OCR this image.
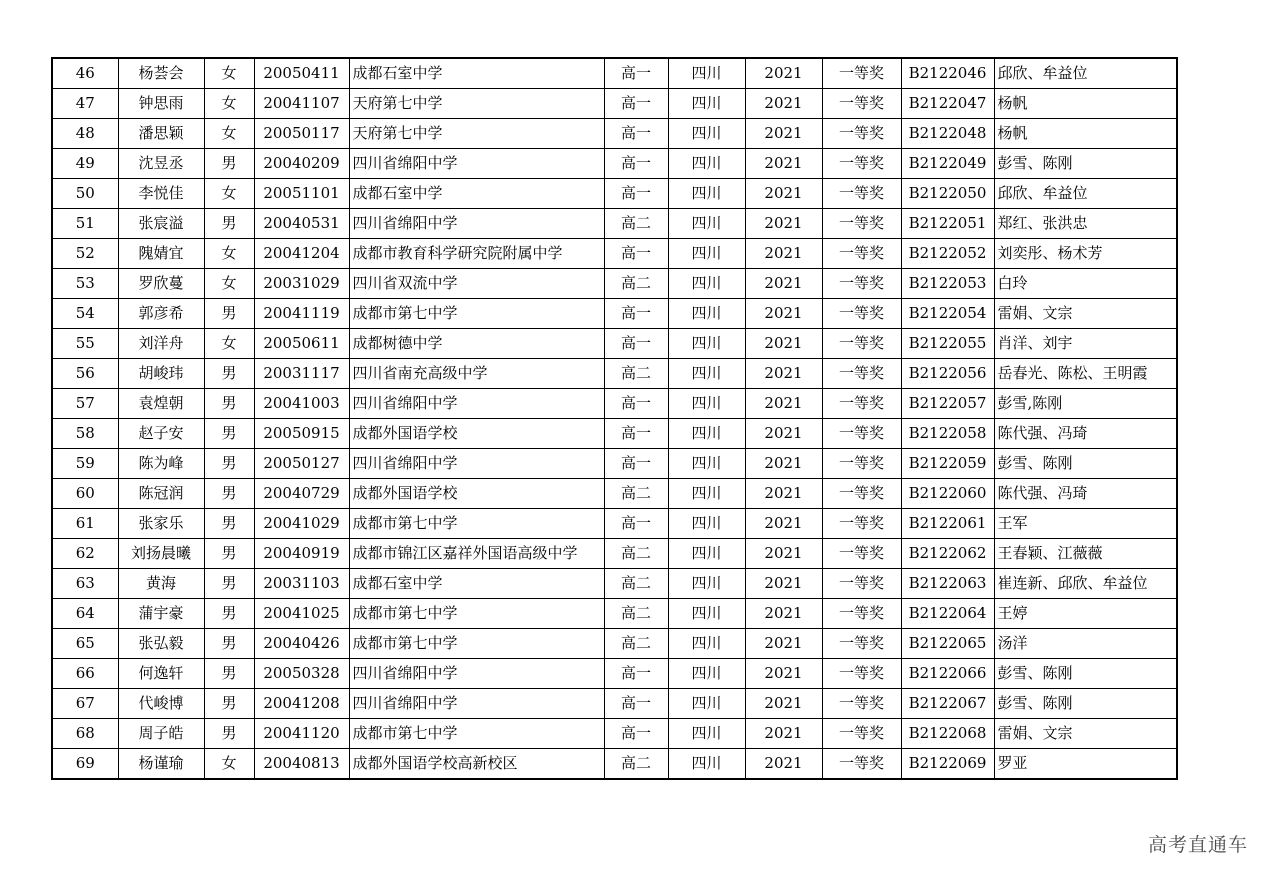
46	杨荟会	女	20050411	成都石室中学	高一	四川	2021	一等奖	B2122046	邱欣、牟益位
47	钟思雨	女	20041107	天府第七中学	高一	四川	2021	一等奖	B2122047	杨帆
48	潘思颖	女	20050117	天府第七中学	高一	四川	2021	一等奖	B2122048	杨帆
49	沈昱丞	男	20040209	四川省绵阳中学	高一	四川	2021	一等奖	B2122049	彭雪、陈刚
50	李悦佳	女	20051101	成都石室中学	高一	四川	2021	一等奖	B2122050	邱欣、牟益位
51	张宸溢	男	20040531	四川省绵阳中学	高二	四川	2021	一等奖	B2122051	郑红、张洪忠
52	隗婧宜	女	20041204	成都市教育科学研究院附属中学	高一	四川	2021	一等奖	B2122052	刘奕彤、杨术芳
53	罗欣蔓	女	20031029	四川省双流中学	高二	四川	2021	一等奖	B2122053	白玲
54	郭彦希	男	20041119	成都市第七中学	高一	四川	2021	一等奖	B2122054	雷娟、文宗
55	刘洋舟	女	20050611	成都树德中学	高一	四川	2021	一等奖	B2122055	肖洋、刘宇
56	胡峻玮	男	20031117	四川省南充高级中学	高二	四川	2021	一等奖	B2122056	岳春光、陈松、王明霞
57	袁煌朝	男	20041003	四川省绵阳中学	高一	四川	2021	一等奖	B2122057	彭雪,陈刚
58	赵子安	男	20050915	成都外国语学校	高一	四川	2021	一等奖	B2122058	陈代强、冯琦
59	陈为峰	男	20050127	四川省绵阳中学	高一	四川	2021	一等奖	B2122059	彭雪、陈刚
60	陈冠润	男	20040729	成都外国语学校	高二	四川	2021	一等奖	B2122060	陈代强、冯琦
61	张家乐	男	20041029	成都市第七中学	高一	四川	2021	一等奖	B2122061	王军
62	刘扬晨曦	男	20040919	成都市锦江区嘉祥外国语高级中学	高二	四川	2021	一等奖	B2122062	王春颖、江薇薇
63	黄海	男	20031103	成都石室中学	高二	四川	2021	一等奖	B2122063	崔连新、邱欣、牟益位
64	蒲宇豪	男	20041025	成都市第七中学	高二	四川	2021	一等奖	B2122064	王婷
65	张弘毅	男	20040426	成都市第七中学	高二	四川	2021	一等奖	B2122065	汤洋
66	何逸轩	男	20050328	四川省绵阳中学	高一	四川	2021	一等奖	B2122066	彭雪、陈刚
67	代峻博	男	20041208	四川省绵阳中学	高一	四川	2021	一等奖	B2122067	彭雪、陈刚
68	周子皓	男	20041120	成都市第七中学	高一	四川	2021	一等奖	B2122068	雷娟、文宗
69	杨谨瑜	女	20040813	成都外国语学校高新校区	高二	四川	2021	一等奖	B2122069	罗亚
高考直通车
